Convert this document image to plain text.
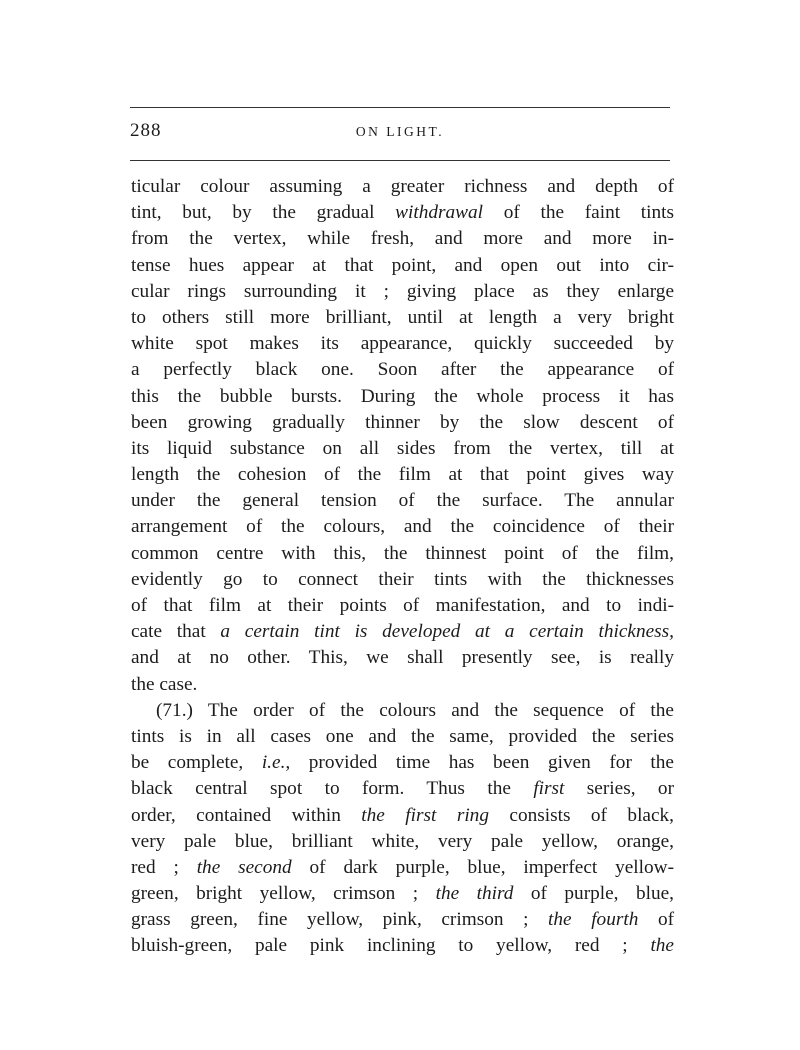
288	ON LIGHT.
ticular colour assuming a greater richness and depth of
tint, but, by the gradual withdrawal of the faint tints
from the vertex, while fresh, and more and more in-
tense hues appear at that point, and open out into cir-
cular rings surrounding it ; giving place as they enlarge
to others still more brilliant, until at length a very bright
white spot makes its appearance, quickly succeeded by
a perfectly black one. Soon after the appearance of
this the bubble bursts. During the whole process it has
been growing gradually thinner by the slow descent of
its liquid substance on all sides from the vertex, till at
length the cohesion of the film at that point gives way
under the general tension of the surface. The annular
arrangement of the colours, and the coincidence of their
common centre with this, the thinnest point of the film,
evidently go to connect their tints with the thicknesses
of that film at their points of manifestation, and to indi-
cate that a certain tint is developed at a certain thickness,
and at no other. This, we shall presently see, is really
the case.
(71.) The order of the colours and the sequence of the
tints is in all cases one and the same, provided the series
be complete, i.e., provided time has been given for the
black central spot to form. Thus the first series, or
order, contained within the first ring consists of black,
very pale blue, brilliant white, very pale yellow, orange,
red ; the second of dark purple, blue, imperfect yellow-
green, bright yellow, crimson ; the third of purple, blue,
grass green, fine yellow, pink, crimson ; the fourth of
bluish-green, pale pink inclining to yellow, red ; the
